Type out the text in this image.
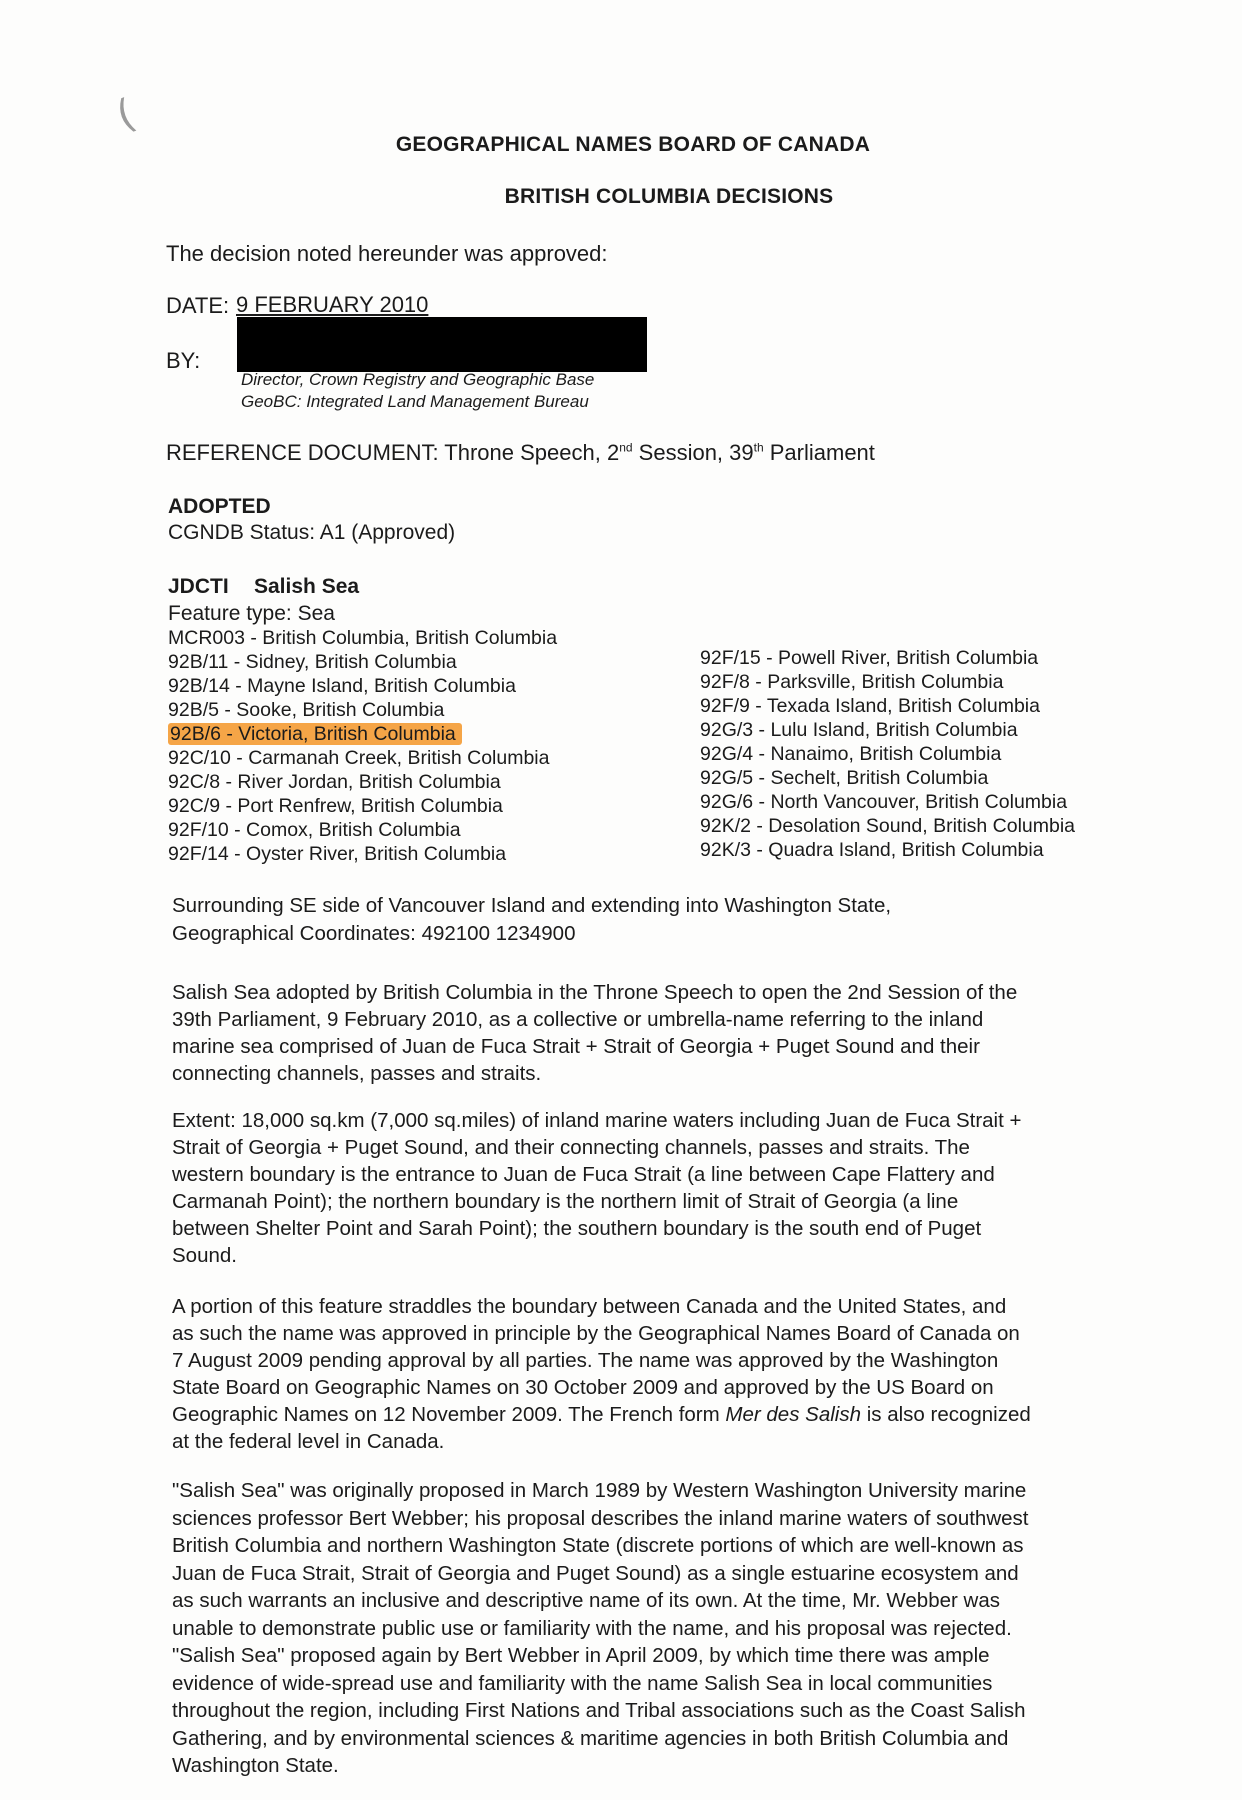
(
GEOGRAPHICAL NAMES BOARD OF CANADA
BRITISH COLUMBIA DECISIONS
The decision noted hereunder was approved:
DATE: 9 FEBRUARY 2010
BY:
Director, Crown Registry and Geographic Base
GeoBC: Integrated Land Management Bureau
REFERENCE DOCUMENT: Throne Speech, 2nd Session, 39th Parliament
ADOPTED
CGNDB Status: A1 (Approved)
JDCTI Salish Sea
Feature type: Sea
MCR003 - British Columbia, British Columbia
92B/11 - Sidney, British Columbia
92B/14 - Mayne Island, British Columbia
92B/5 - Sooke, British Columbia
92B/6 - Victoria, British Columbia
92C/10 - Carmanah Creek, British Columbia
92C/8 - River Jordan, British Columbia
92C/9 - Port Renfrew, British Columbia
92F/10 - Comox, British Columbia
92F/14 - Oyster River, British Columbia
92F/15 - Powell River, British Columbia
92F/8 - Parksville, British Columbia
92F/9 - Texada Island, British Columbia
92G/3 - Lulu Island, British Columbia
92G/4 - Nanaimo, British Columbia
92G/5 - Sechelt, British Columbia
92G/6 - North Vancouver, British Columbia
92K/2 - Desolation Sound, British Columbia
92K/3 - Quadra Island, British Columbia
Surrounding SE side of Vancouver Island and extending into Washington State,
Geographical Coordinates: 492100 1234900
Salish Sea adopted by British Columbia in the Throne Speech to open the 2nd Session of the
39th Parliament, 9 February 2010, as a collective or umbrella-name referring to the inland
marine sea comprised of Juan de Fuca Strait + Strait of Georgia + Puget Sound and their
connecting channels, passes and straits.
Extent: 18,000 sq.km (7,000 sq.miles) of inland marine waters including Juan de Fuca Strait +
Strait of Georgia + Puget Sound, and their connecting channels, passes and straits. The
western boundary is the entrance to Juan de Fuca Strait (a line between Cape Flattery and
Carmanah Point); the northern boundary is the northern limit of Strait of Georgia (a line
between Shelter Point and Sarah Point); the southern boundary is the south end of Puget
Sound.
A portion of this feature straddles the boundary between Canada and the United States, and
as such the name was approved in principle by the Geographical Names Board of Canada on
7 August 2009 pending approval by all parties. The name was approved by the Washington
State Board on Geographic Names on 30 October 2009 and approved by the US Board on
Geographic Names on 12 November 2009. The French form Mer des Salish is also recognized
at the federal level in Canada.
"Salish Sea" was originally proposed in March 1989 by Western Washington University marine
sciences professor Bert Webber; his proposal describes the inland marine waters of southwest
British Columbia and northern Washington State (discrete portions of which are well-known as
Juan de Fuca Strait, Strait of Georgia and Puget Sound) as a single estuarine ecosystem and
as such warrants an inclusive and descriptive name of its own. At the time, Mr. Webber was
unable to demonstrate public use or familiarity with the name, and his proposal was rejected.
"Salish Sea" proposed again by Bert Webber in April 2009, by which time there was ample
evidence of wide-spread use and familiarity with the name Salish Sea in local communities
throughout the region, including First Nations and Tribal associations such as the Coast Salish
Gathering, and by environmental sciences & maritime agencies in both British Columbia and
Washington State.
